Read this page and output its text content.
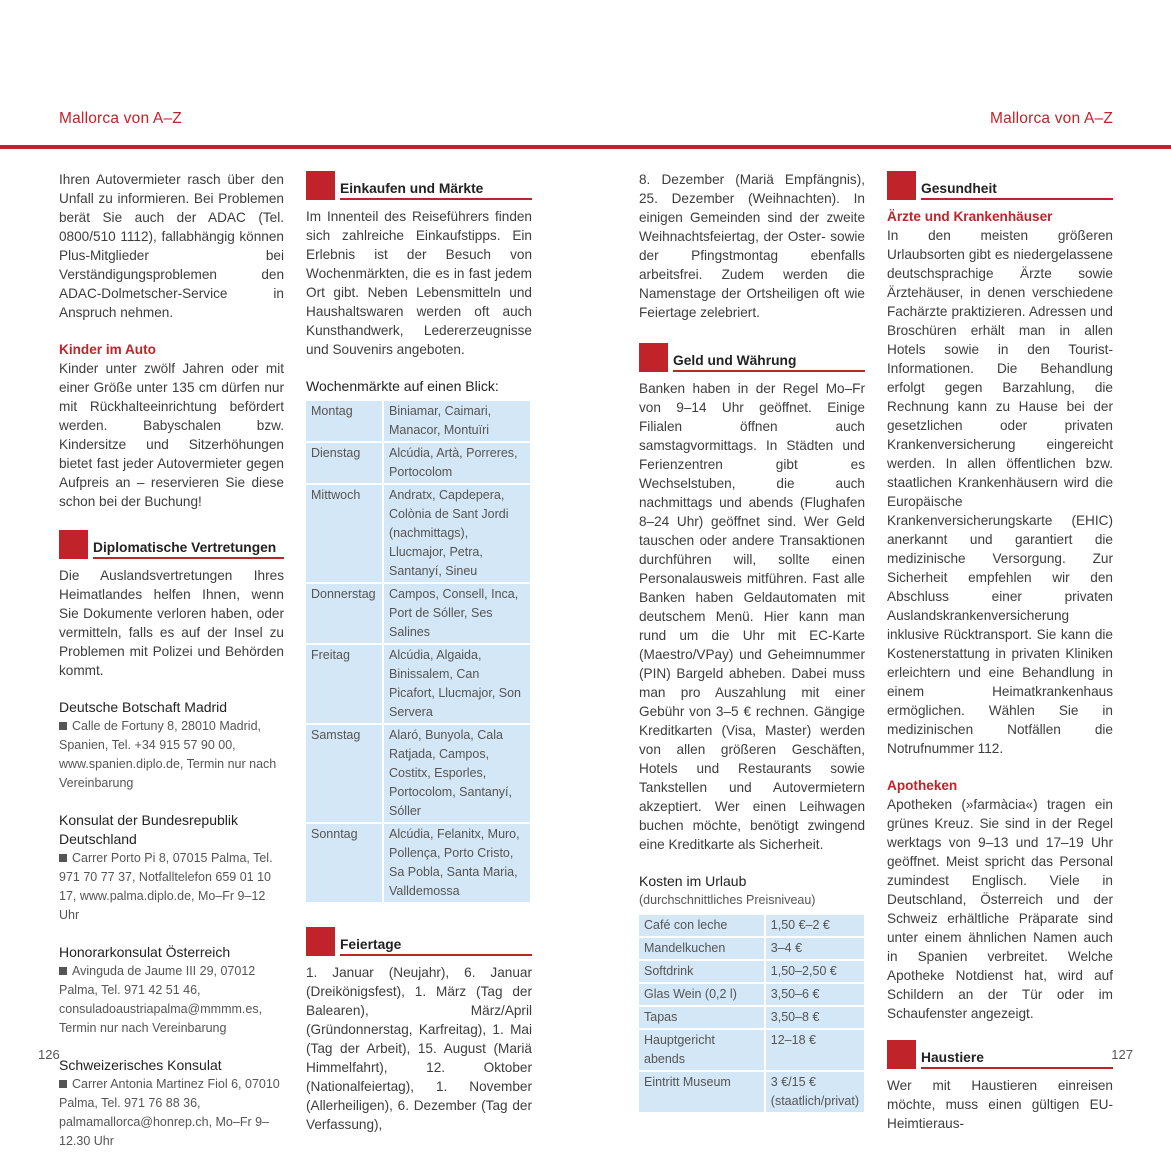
Mallorca von A–Z	Mallorca von A–Z

Ihren Autovermieter rasch über den Unfall zu informieren. Bei Problemen berät Sie auch der ADAC (Tel. 0800/510 1112), fallabhängig können Plus-Mitglieder bei Verständigungsproblemen den ADAC-Dolmetscher-Service in Anspruch nehmen.

Kinder im Auto

Kinder unter zwölf Jahren oder mit einer Größe unter 135 cm dürfen nur mit Rückhalteeinrichtung befördert werden. Babyschalen bzw. Kindersitze und Sitzerhöhungen bietet fast jeder Autovermieter gegen Aufpreis an – reservieren Sie diese schon bei der Buchung!

Diplomatische Vertretungen

Die Auslandsvertretungen Ihres Heimatlandes helfen Ihnen, wenn Sie Dokumente verloren haben, oder vermitteln, falls es auf der Insel zu Problemen mit Polizei und Behörden kommt.

Deutsche Botschaft Madrid
Calle de Fortuny 8, 28010 Madrid, Spanien, Tel. +34 915 57 90 00, www.spanien.diplo.de, Termin nur nach Vereinbarung
Konsulat der Bundesrepublik Deutschland
Carrer Porto Pi 8, 07015 Palma, Tel. 971 70 77 37, Notfalltelefon 659 01 10 17, www.palma.diplo.de, Mo–Fr 9–12 Uhr
Honorarkonsulat Österreich
Avinguda de Jaume III 29, 07012 Palma, Tel. 971 42 51 46, consuladoaustriapalma@mmmm.es, Termin nur nach Vereinbarung
Schweizerisches Konsulat
Carrer Antonia Martinez Fiol 6, 07010 Palma, Tel. 971 76 88 36, palmamallorca@honrep.ch, Mo–Fr 9–12.30 Uhr
Einkaufen und Märkte

Im Innenteil des Reiseführers finden sich zahlreiche Einkaufstipps. Ein Erlebnis ist der Besuch von Wochenmärkten, die es in fast jedem Ort gibt. Neben Lebensmitteln und Haushaltswaren werden oft auch Kunsthandwerk, Ledererzeugnisse und Souvenirs angeboten.

Wochenmärkte auf einen Blick:
Montag	Biniamar, Caimari, Manacor, Montuïri
Dienstag	Alcúdia, Artà, Porreres, Portocolom
Mittwoch	Andratx, Capdepera, Colònia de Sant Jordi (nachmittags), Llucmajor, Petra, Santanyí, Sineu
Donnerstag	Campos, Consell, Inca, Port de Sóller, Ses Salines
Freitag	Alcúdia, Algaida, Binissalem, Can Picafort, Llucmajor, Son Servera
Samstag	Alaró, Bunyola, Cala Ratjada, Campos, Costitx, Esporles, Portocolom, Santanyí, Sóller
Sonntag	Alcúdia, Felanitx, Muro, Pollença, Porto Cristo, Sa Pobla, Santa Maria, Valldemossa
Feiertage

1. Januar (Neujahr), 6. Januar (Dreikönigsfest), 1. März (Tag der Balearen), März/April (Gründonnerstag, Karfreitag), 1. Mai (Tag der Arbeit), 15. August (Mariä Himmelfahrt), 12. Oktober (Nationalfeiertag), 1. November (Allerheiligen), 6. Dezember (Tag der Verfassung),

8. Dezember (Mariä Empfängnis), 25. Dezember (Weihnachten). In einigen Gemeinden sind der zweite Weihnachtsfeiertag, der Oster- sowie der Pfingstmontag ebenfalls arbeitsfrei. Zudem werden die Namenstage der Ortsheiligen oft wie Feiertage zelebriert.

Geld und Währung

Banken haben in der Regel Mo–Fr von 9–14 Uhr geöffnet. Einige Filialen öffnen auch samstagvormittags. In Städten und Ferienzentren gibt es Wechselstuben, die auch nachmittags und abends (Flughafen 8–24 Uhr) geöffnet sind. Wer Geld tauschen oder andere Transaktionen durchführen will, sollte einen Personalausweis mitführen. Fast alle Banken haben Geldautomaten mit deutschem Menü. Hier kann man rund um die Uhr mit EC-Karte (Maestro/VPay) und Geheimnummer (PIN) Bargeld abheben. Dabei muss man pro Auszahlung mit einer Gebühr von 3–5 € rechnen. Gängige Kreditkarten (Visa, Master) werden von allen größeren Geschäften, Hotels und Restaurants sowie Tankstellen und Autovermietern akzeptiert. Wer einen Leihwagen buchen möchte, benötigt zwingend eine Kreditkarte als Sicherheit.

Kosten im Urlaub
(durchschnittliches Preisniveau)
Café con leche	1,50 €–2 €
Mandelkuchen	3–4 €
Softdrink	1,50–2,50 €
Glas Wein (0,2 l)	3,50–6 €
Tapas	3,50–8 €
Hauptgericht abends	12–18 €
Eintritt Museum	3 €/15 € (staatlich/privat)
Gesundheit
Ärzte und Krankenhäuser

In den meisten größeren Urlaubsorten gibt es niedergelassene deutschsprachige Ärzte sowie Ärztehäuser, in denen verschiedene Fachärzte praktizieren. Adressen und Broschüren erhält man in allen Hotels sowie in den Tourist-Informationen. Die Behandlung erfolgt gegen Barzahlung, die Rechnung kann zu Hause bei der gesetzlichen oder privaten Krankenversicherung eingereicht werden. In allen öffentlichen bzw. staatlichen Krankenhäusern wird die Europäische Krankenversicherungskarte (EHIC) anerkannt und garantiert die medizinische Versorgung. Zur Sicherheit empfehlen wir den Abschluss einer privaten Auslandskrankenversicherung inklusive Rücktransport. Sie kann die Kostenerstattung in privaten Kliniken erleichtern und eine Behandlung in einem Heimatkrankenhaus ermöglichen. Wählen Sie in medizinischen Notfällen die Notrufnummer 112.

Apotheken

Apotheken (»farmàcia«) tragen ein grünes Kreuz. Sie sind in der Regel werktags von 9–13 und 17–19 Uhr geöffnet. Meist spricht das Personal zumindest Englisch. Viele in Deutschland, Österreich und der Schweiz erhältliche Präparate sind unter einem ähnlichen Namen auch in Spanien verbreitet. Welche Apotheke Notdienst hat, wird auf Schildern an der Tür oder im Schaufenster angezeigt.

Haustiere

Wer mit Haustieren einreisen möchte, muss einen gültigen EU-Heimtieraus-

126	127
